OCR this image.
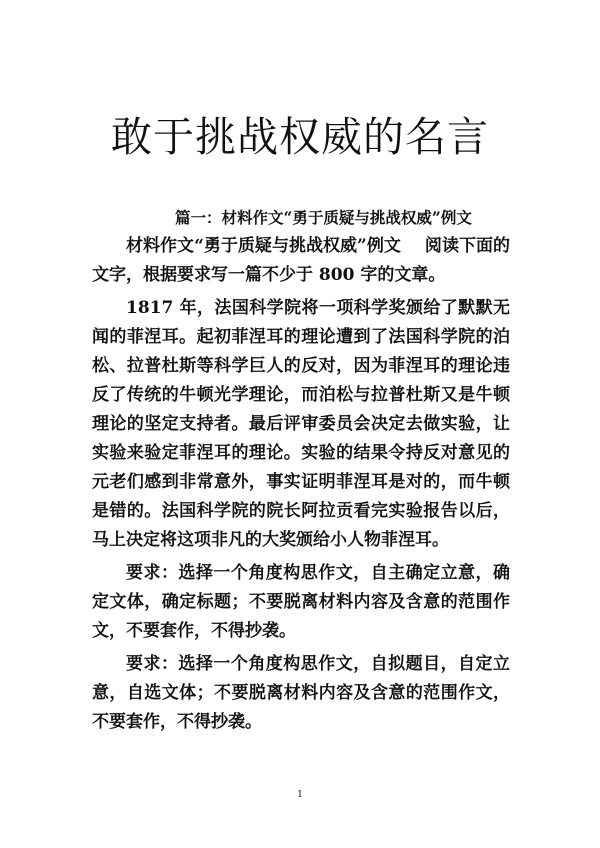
敢于挑战权威的名言

篇一：材料作文“勇于质疑与挑战权威”例文

材料作文“勇于质疑与挑战权威”例文 阅读下面的文字，根据要求写一篇不少于 800 字的文章。

1817 年，法国科学院将一项科学奖颁给了默默无闻的菲涅耳。起初菲涅耳的理论遭到了法国科学院的泊松、拉普杜斯等科学巨人的反对，因为菲涅耳的理论违反了传统的牛顿光学理论，而泊松与拉普杜斯又是牛顿理论的坚定支持者。最后评审委员会决定去做实验，让实验来验定菲涅耳的理论。实验的结果令持反对意见的元老们感到非常意外，事实证明菲涅耳是对的，而牛顿是错的。法国科学院的院长阿拉贡看完实验报告以后，马上决定将这项非凡的大奖颁给小人物菲涅耳。

要求：选择一个角度构思作文，自主确定立意，确定文体，确定标题；不要脱离材料内容及含意的范围作文，不要套作，不得抄袭。

要求：选择一个角度构思作文，自拟题目，自定立意，自选文体；不要脱离材料内容及含意的范围作文，不要套作，不得抄袭。

1
